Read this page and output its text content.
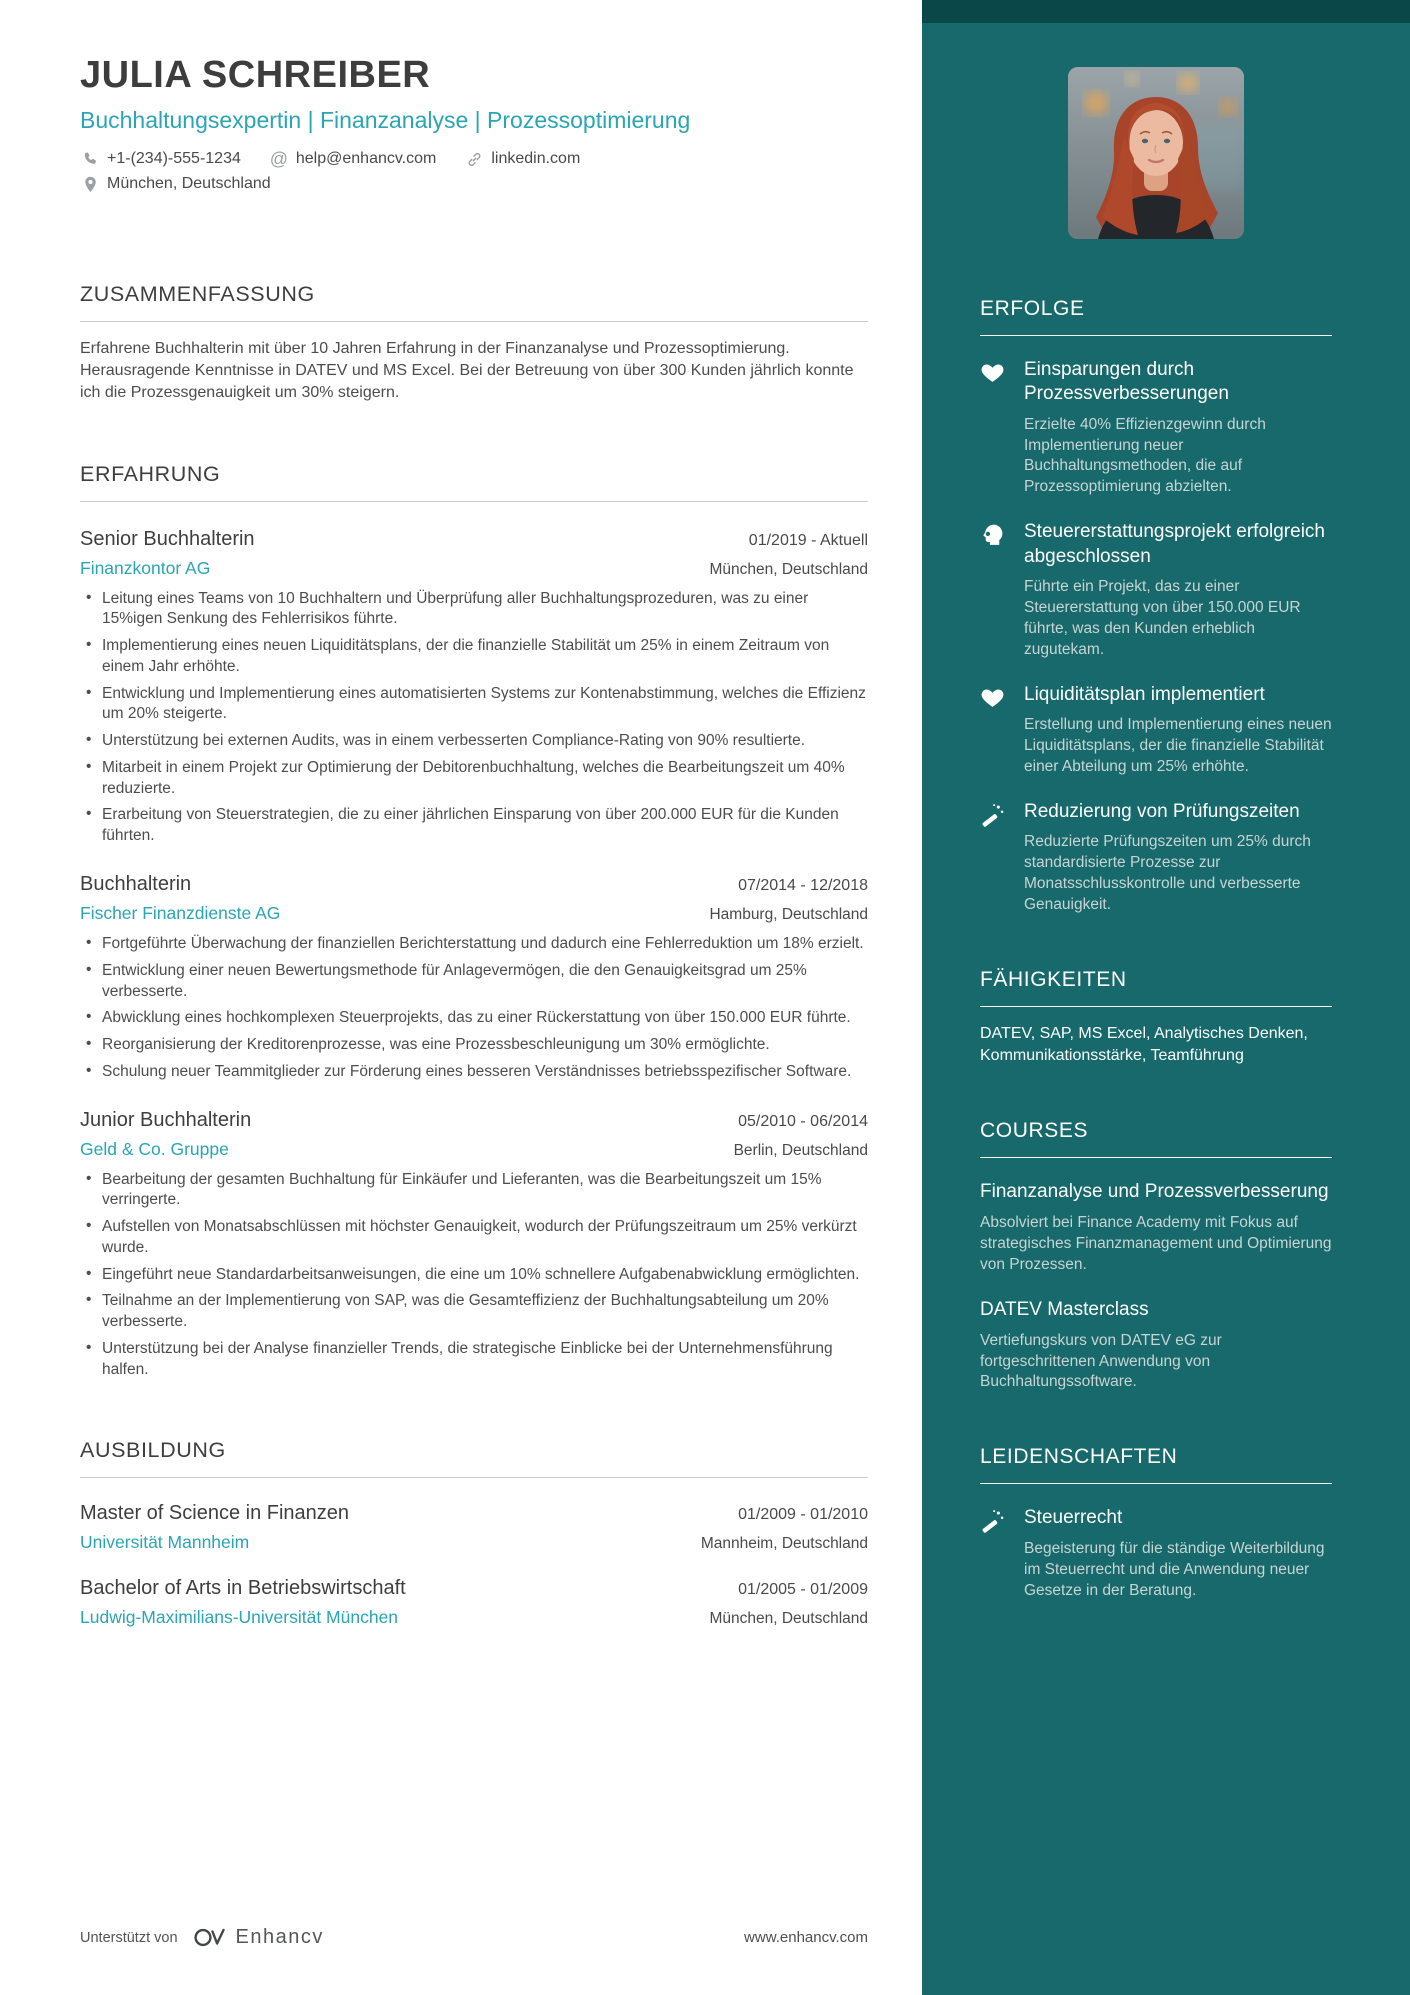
JULIA SCHREIBER
Buchhaltungsexpertin | Finanzanalyse | Prozessoptimierung
+1-(234)-555-1234 @ help@enhancv.com	linkedin.com
München, Deutschland
ZUSAMMENFASSUNG

Erfahrene Buchhalterin mit über 10 Jahren Erfahrung in der Finanzanalyse und Prozessoptimierung. Herausragende Kenntnisse in DATEV und MS Excel. Bei der Betreuung von über 300 Kunden jährlich konnte ich die Prozessgenauigkeit um 30% steigern.

ERFAHRUNG
Senior Buchhalterin	01/2019 - Aktuell
Finanzkontor AG	München, Deutschland
• Leitung eines Teams von 10 Buchhaltern und Überprüfung aller Buchhaltungsprozeduren, was zu einer 15%igen Senkung des Fehlerrisikos führte.
• Implementierung eines neuen Liquiditätsplans, der die finanzielle Stabilität um 25% in einem Zeitraum von einem Jahr erhöhte.
• Entwicklung und Implementierung eines automatisierten Systems zur Kontenabstimmung, welches die Effizienz um 20% steigerte.
• Unterstützung bei externen Audits, was in einem verbesserten Compliance-Rating von 90% resultierte.
• Mitarbeit in einem Projekt zur Optimierung der Debitorenbuchhaltung, welches die Bearbeitungszeit um 40% reduzierte.
• Erarbeitung von Steuerstrategien, die zu einer jährlichen Einsparung von über 200.000 EUR für die Kunden führten.
Buchhalterin	07/2014 - 12/2018
Fischer Finanzdienste AG	Hamburg, Deutschland
• Fortgeführte Überwachung der finanziellen Berichterstattung und dadurch eine Fehlerreduktion um 18% erzielt.
• Entwicklung einer neuen Bewertungsmethode für Anlagevermögen, die den Genauigkeitsgrad um 25% verbesserte.
• Abwicklung eines hochkomplexen Steuerprojekts, das zu einer Rückerstattung von über 150.000 EUR führte.
• Reorganisierung der Kreditorenprozesse, was eine Prozessbeschleunigung um 30% ermöglichte.
• Schulung neuer Teammitglieder zur Förderung eines besseren Verständnisses betriebsspezifischer Software.
Junior Buchhalterin	05/2010 - 06/2014
Geld & Co. Gruppe	Berlin, Deutschland
• Bearbeitung der gesamten Buchhaltung für Einkäufer und Lieferanten, was die Bearbeitungszeit um 15% verringerte.
• Aufstellen von Monatsabschlüssen mit höchster Genauigkeit, wodurch der Prüfungszeitraum um 25% verkürzt wurde.
• Eingeführt neue Standardarbeitsanweisungen, die eine um 10% schnellere Aufgabenabwicklung ermöglichten.
• Teilnahme an der Implementierung von SAP, was die Gesamteffizienz der Buchhaltungsabteilung um 20% verbesserte.
• Unterstützung bei der Analyse finanzieller Trends, die strategische Einblicke bei der Unternehmensführung halfen.
AUSBILDUNG
Master of Science in Finanzen	01/2009 - 01/2010
Universität Mannheim	Mannheim, Deutschland
Bachelor of Arts in Betriebswirtschaft	01/2005 - 01/2009
Ludwig-Maximilians-Universität München	München, Deutschland
Unterstützt von	Enhancv	www.enhancv.com
ERFOLGE
Einsparungen durch Prozessverbesserungen

Erzielte 40% Effizienzgewinn durch Implementierung neuer Buchhaltungsmethoden, die auf Prozessoptimierung abzielten.

Steuererstattungsprojekt erfolgreich abgeschlossen

Führte ein Projekt, das zu einer Steuererstattung von über 150.000 EUR führte, was den Kunden erheblich zugutekam.

Liquiditätsplan implementiert

Erstellung und Implementierung eines neuen Liquiditätsplans, der die finanzielle Stabilität einer Abteilung um 25% erhöhte.

Reduzierung von Prüfungszeiten

Reduzierte Prüfungszeiten um 25% durch standardisierte Prozesse zur Monatsschlusskontrolle und verbesserte Genauigkeit.

FÄHIGKEITEN

DATEV, SAP, MS Excel, Analytisches Denken, Kommunikationsstärke, Teamführung

COURSES
Finanzanalyse und Prozessverbesserung

Absolviert bei Finance Academy mit Fokus auf strategisches Finanzmanagement und Optimierung von Prozessen.

DATEV Masterclass

Vertiefungskurs von DATEV eG zur fortgeschrittenen Anwendung von Buchhaltungssoftware.

LEIDENSCHAFTEN
Steuerrecht

Begeisterung für die ständige Weiterbildung im Steuerrecht und die Anwendung neuer Gesetze in der Beratung.
